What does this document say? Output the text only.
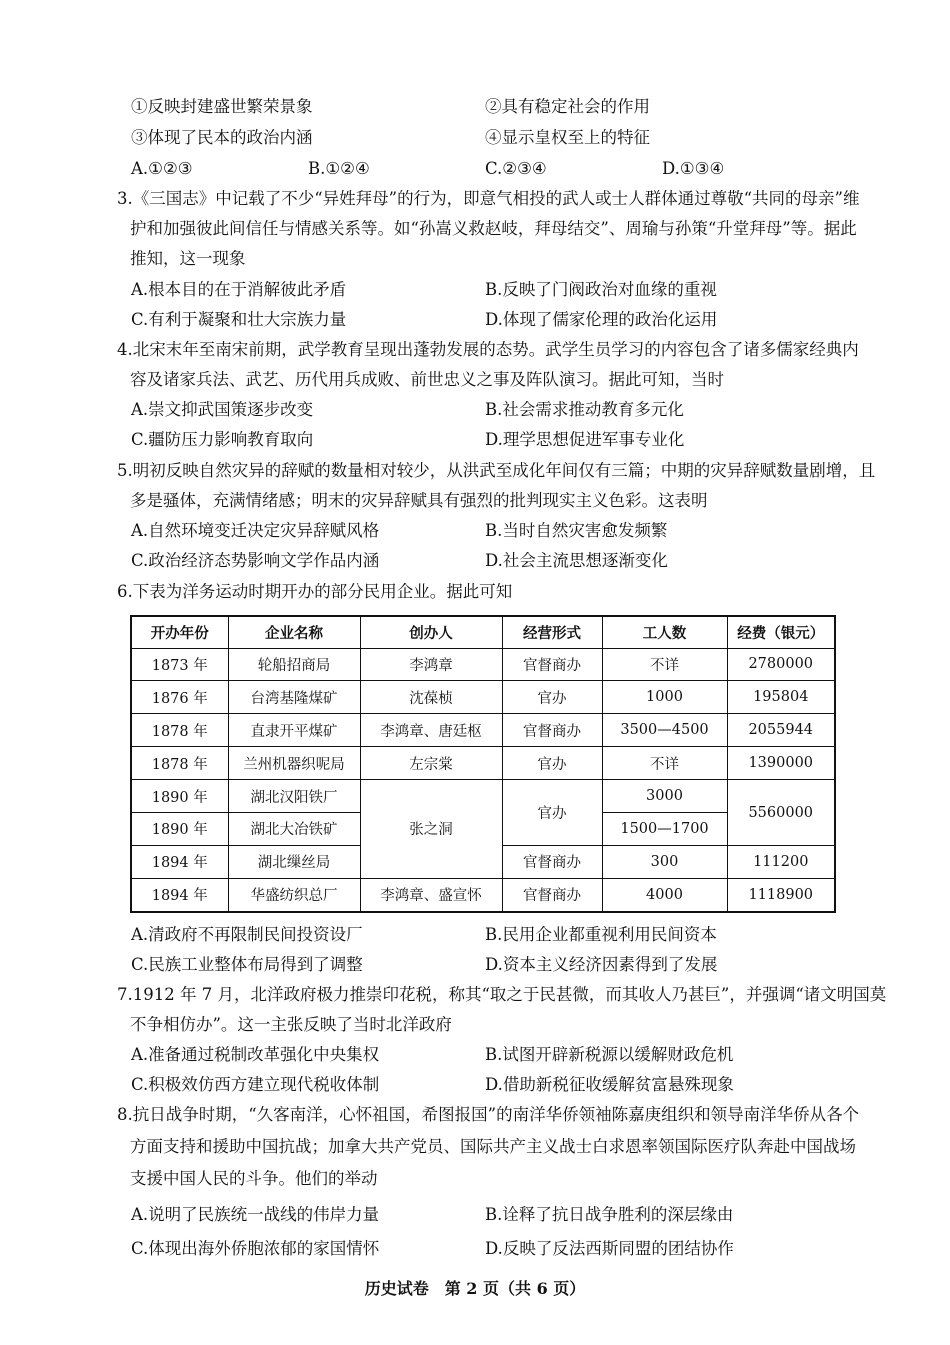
①反映封建盛世繁荣景象	②具有稳定社会的作用
③体现了民本的政治内涵	④显示皇权至上的特征
A.①②③	B.①②④	C.②③④	D.①③④
3.《三国志》中记载了不少“异姓拜母”的行为，即意气相投的武人或士人群体通过尊敬“共同的母亲”维
护和加强彼此间信任与情感关系等。如“孙嵩义救赵岐，拜母结交”、周瑜与孙策“升堂拜母”等。据此
推知，这一现象
A.根本目的在于消解彼此矛盾	B.反映了门阀政治对血缘的重视
C.有利于凝聚和壮大宗族力量	D.体现了儒家伦理的政治化运用
4.北宋末年至南宋前期，武学教育呈现出蓬勃发展的态势。武学生员学习的内容包含了诸多儒家经典内
容及诸家兵法、武艺、历代用兵成败、前世忠义之事及阵队演习。据此可知，当时
A.崇文抑武国策逐步改变	B.社会需求推动教育多元化
C.疆防压力影响教育取向	D.理学思想促进军事专业化
5.明初反映自然灾异的辞赋的数量相对较少，从洪武至成化年间仅有三篇；中期的灾异辞赋数量剧增，且
多是骚体，充满情绪感；明末的灾异辞赋具有强烈的批判现实主义色彩。这表明
A.自然环境变迁决定灾异辞赋风格	B.当时自然灾害愈发频繁
C.政治经济态势影响文学作品内涵	D.社会主流思想逐渐变化
6.下表为洋务运动时期开办的部分民用企业。据此可知
开办年份	企业名称	创办人	经营形式	工人数	经费（银元）
1873 年	轮船招商局	李鸿章	官督商办	不详	2780000
1876 年	台湾基隆煤矿	沈葆桢	官办	1000	195804
1878 年	直隶开平煤矿	李鸿章、唐廷枢	官督商办	3500—4500	2055944
1878 年	兰州机器织呢局	左宗棠	官办	不详	1390000
1890 年	湖北汉阳铁厂	张之洞	官办	3000	5560000
1890 年	湖北大冶铁矿			1500—1700	
1894 年	湖北缫丝局		官督商办	300	111200
1894 年	华盛纺织总厂	李鸿章、盛宣怀	官督商办	4000	1118900
A.清政府不再限制民间投资设厂	B.民用企业都重视利用民间资本
C.民族工业整体布局得到了调整	D.资本主义经济因素得到了发展
7.1912 年 7 月，北洋政府极力推崇印花税，称其“取之于民甚微，而其收人乃甚巨”，并强调“诸文明国莫
不争相仿办”。这一主张反映了当时北洋政府
A.准备通过税制改革强化中央集权	B.试图开辟新税源以缓解财政危机
C.积极效仿西方建立现代税收体制	D.借助新税征收缓解贫富悬殊现象
8.抗日战争时期，“久客南洋，心怀祖国，希图报国”的南洋华侨领袖陈嘉庚组织和领导南洋华侨从各个
方面支持和援助中国抗战；加拿大共产党员、国际共产主义战士白求恩率领国际医疗队奔赴中国战场
支援中国人民的斗争。他们的举动
A.说明了民族统一战线的伟岸力量	B.诠释了抗日战争胜利的深层缘由
C.体现出海外侨胞浓郁的家国情怀	D.反映了反法西斯同盟的团结协作
历史试卷　第 2 页（共 6 页）
